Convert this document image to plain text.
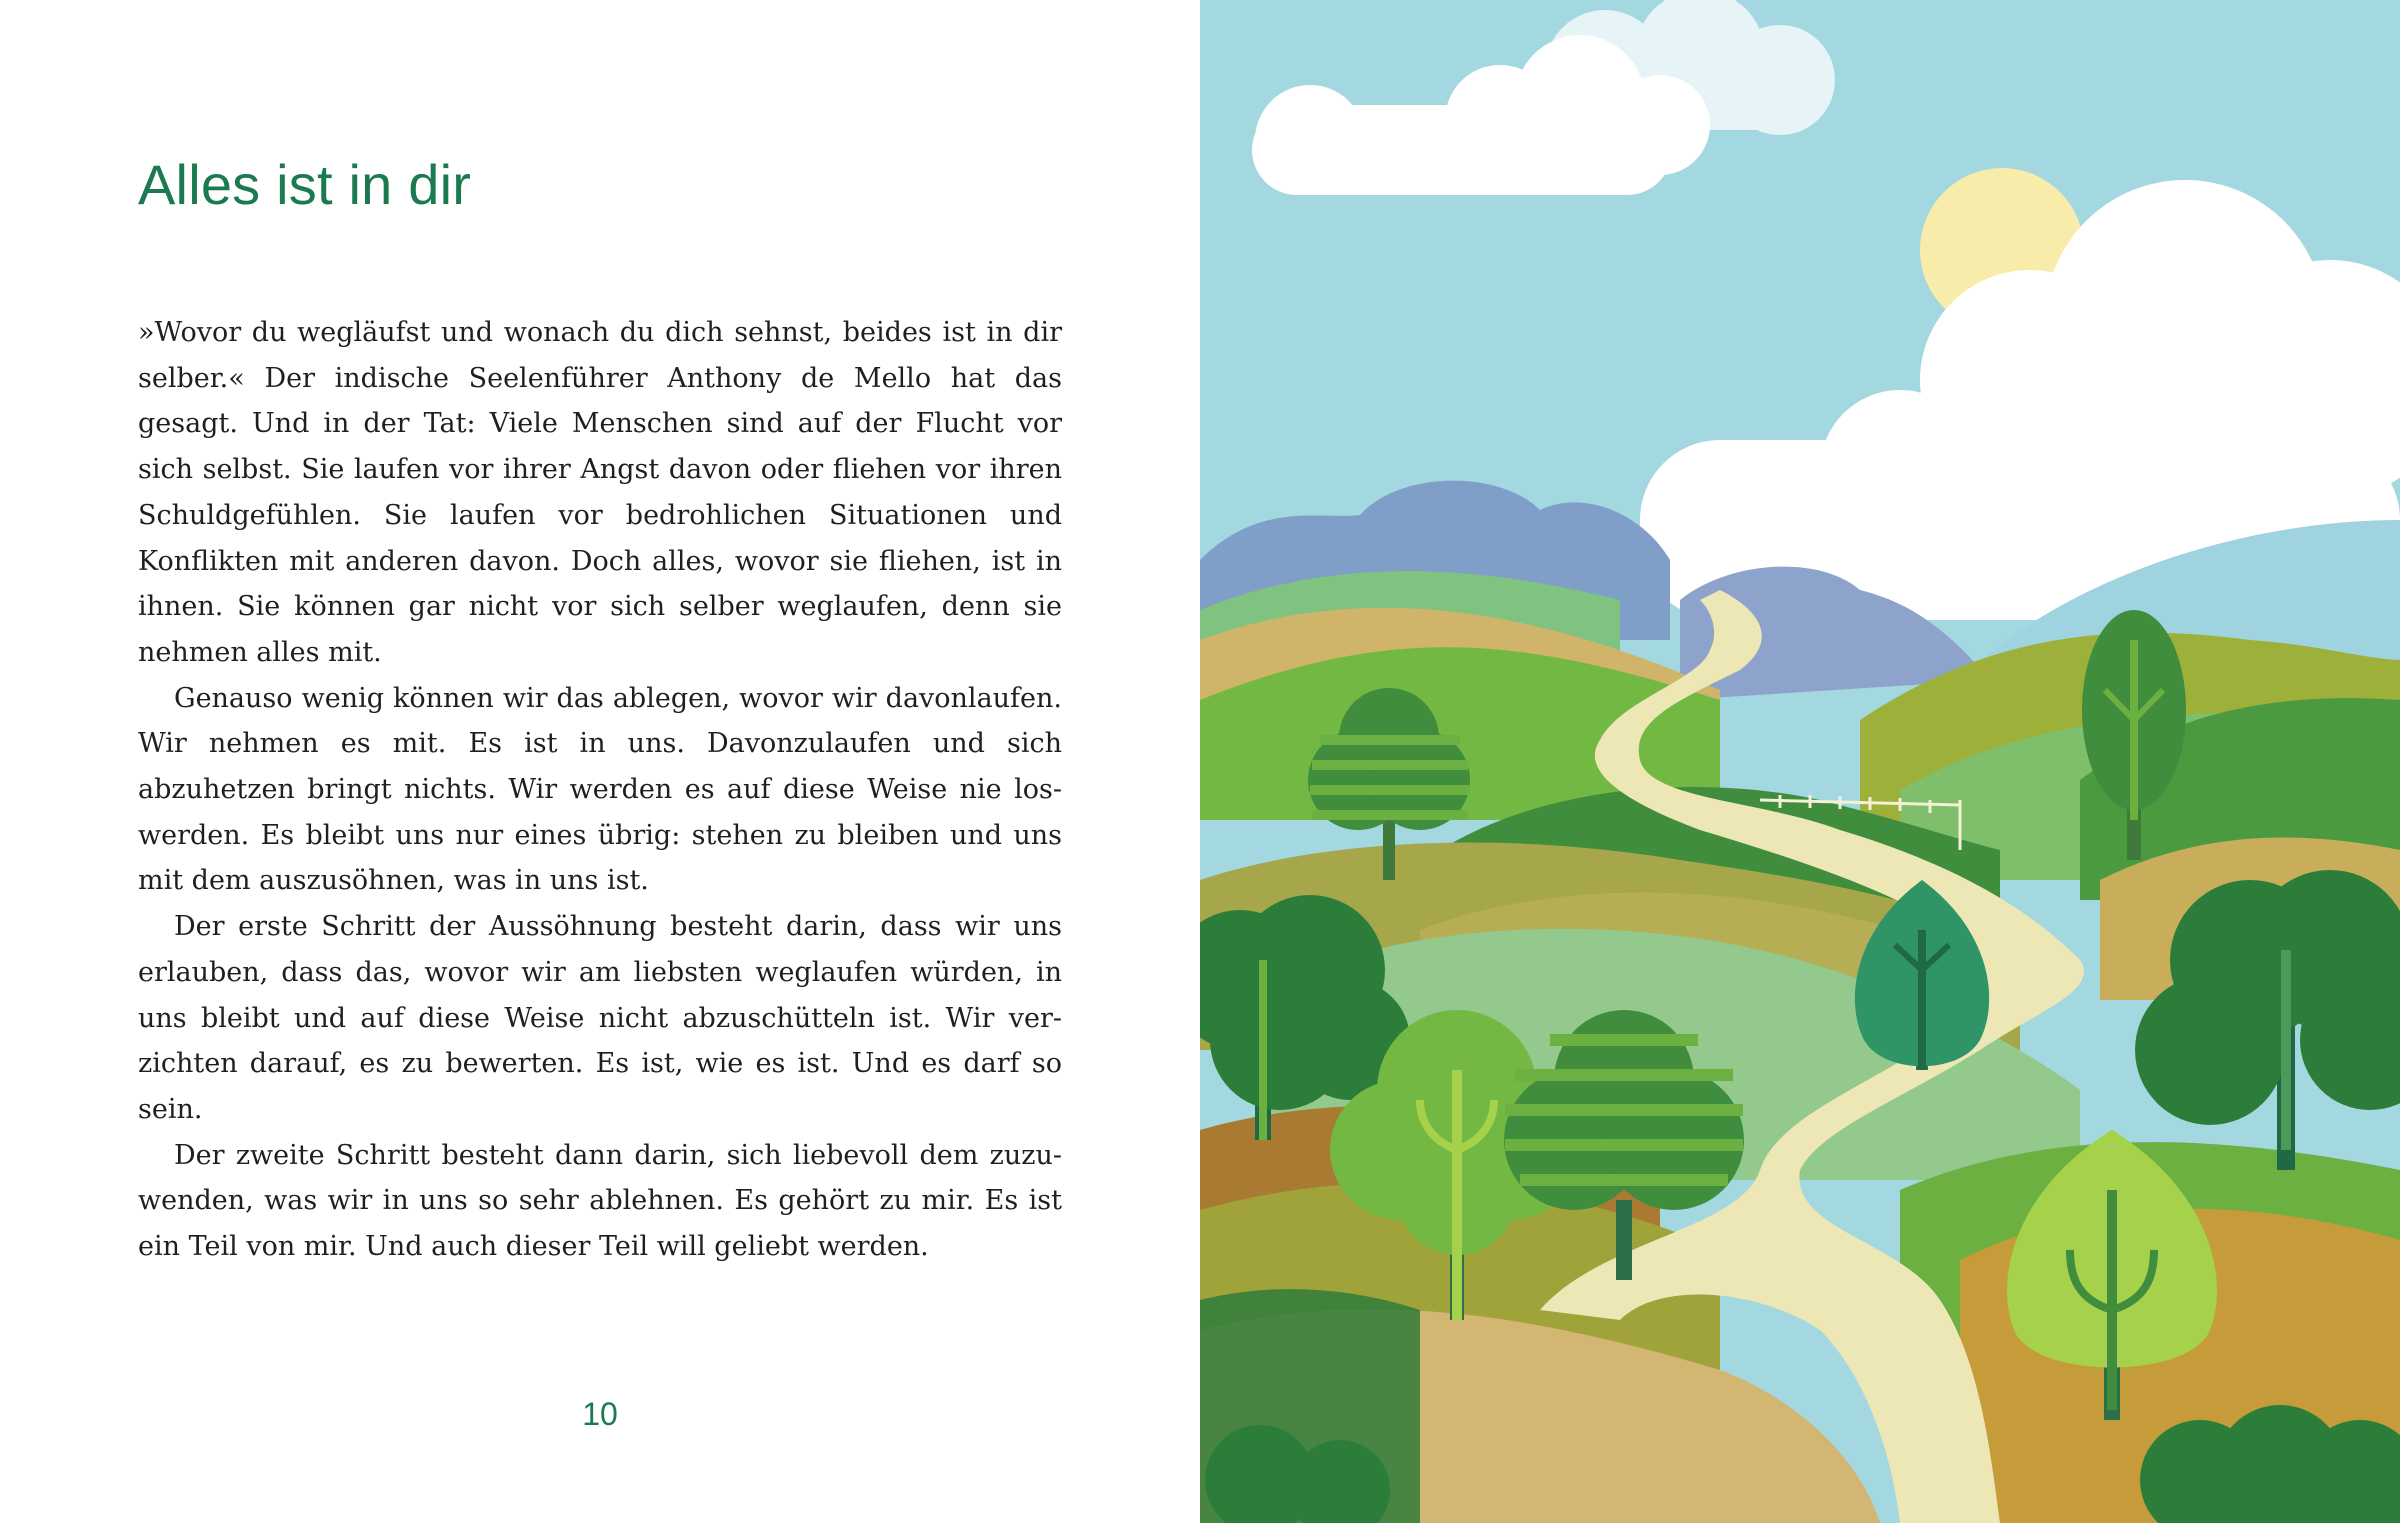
Alles ist in dir

»Wovor du wegläufst und wonach du dich sehnst, beides ist in dir selber.« Der indische Seelenführer Anthony de Mello hat das gesagt. Und in der Tat: Viele Menschen sind auf der Flucht vor sich selbst. Sie laufen vor ihrer Angst davon oder fliehen vor ihren Schuldgefühlen. Sie laufen vor bedrohlichen Situationen und Konflikten mit anderen davon. Doch alles, wovor sie fliehen, ist in ihnen. Sie können gar nicht vor sich selber weglaufen, denn sie nehmen alles mit.

Genauso wenig können wir das ablegen, wovor wir davonlaufen. Wir nehmen es mit. Es ist in uns. Davonzulaufen und sich abzuhetzen bringt nichts. Wir werden es auf diese Weise nie loswerden. Es bleibt uns nur eines übrig: stehen zu bleiben und uns mit dem auszusöhnen, was in uns ist.

Der erste Schritt der Aussöhnung besteht darin, dass wir uns erlauben, dass das, wovor wir am liebsten weglaufen würden, in uns bleibt und auf diese Weise nicht abzuschütteln ist. Wir verzichten darauf, es zu bewerten. Es ist, wie es ist. Und es darf so sein.

Der zweite Schritt besteht dann darin, sich liebevoll dem zuzuwenden, was wir in uns so sehr ablehnen. Es gehört zu mir. Es ist ein Teil von mir. Und auch dieser Teil will geliebt werden.

10
